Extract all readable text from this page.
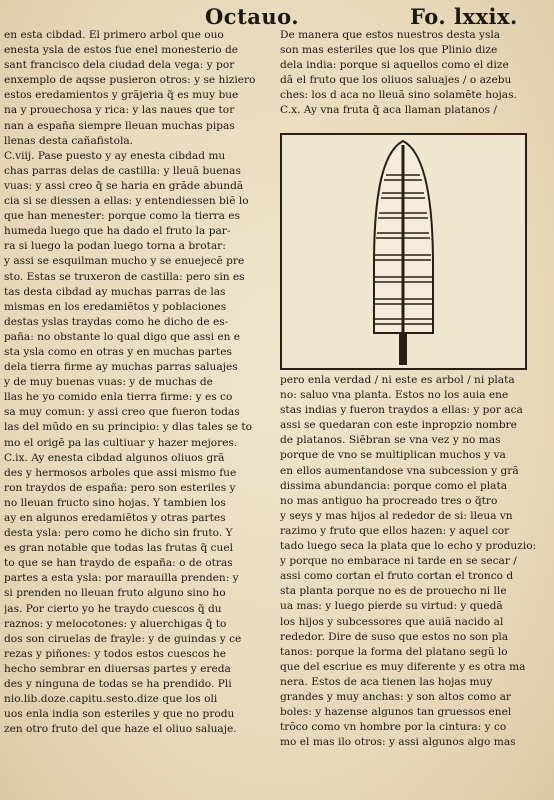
Octauo.	Fo. lxxix.
en esta cibdad. El primero arbol que ouo
enesta ysla de estos fue enel monesterio de
sant francisco dela ciudad dela vega: y por
enxemplo de aqsse pusieron otros: y se hiziero
estos eredamientos y grãjeria q̃ es muy bue
na y prouechosa y rica: y las naues que tor
nan a españa siempre lleuan muchas pipas
llenas desta cañafistola.
C.viij. Pase puesto y ay enesta cibdad mu
chas parras delas de castilla: y lleuã buenas
vuas: y assi creo q̃ se haria en grãde abundã
cia si se diessen a ellas: y entendiessen biẽ lo
que han menester: porque como la tierra es
humeda luego que ha dado el fruto la par-
ra si luego la podan luego torna a brotar:
y assi se esquilman mucho y se enuejecẽ pre
sto. Estas se truxeron de castilla: pero sin es
tas desta cibdad ay muchas parras de las
mismas en los eredamiẽtos y poblaciones
destas yslas traydas como he dicho de es-
paña: no obstante lo qual digo que assi en e
sta ysla como en otras y en muchas partes
dela tierra firme ay muchas parras saluajes
y de muy buenas vuas: y de muchas de
llas he yo comido enla tierra firme: y es co
sa muy comun: y assi creo que fueron todas
las del mũdo en su principio: y dlas tales se to
mo el origẽ pa las cultiuar y hazer mejores.
C.ix. Ay enesta cibdad algunos oliuos grã
des y hermosos arboles que assi mismo fue
ron traydos de españa: pero son esteriles y
no lleuan fructo sino hojas. Y tambien los
ay en algunos eredamiẽtos y otras partes
desta ysla: pero como he dicho sin fruto. Y
es gran notable que todas las frutas q̃ cuel
to que se han traydo de españa: o de otras
partes a esta ysla: por marauilla prenden: y
si prenden no lleuan fruto alguno sino ho
jas. Por cierto yo he traydo cuescos q̃ du
raznos: y melocotones: y aluerchigas q̃ to
dos son ciruelas de frayle: y de guindas y ce
rezas y piñones: y todos estos cuescos he
hecho sembrar en diuersas partes y ereda
des y ninguna de todas se ha prendido. Pli
nio.lib.doze.capitu.sesto.dize que los oli
uos enla india son esteriles y que no produ
zen otro fruto del que haze el oliuo saluaje.
De manera que estos nuestros desta ysla
son mas esteriles que los que Plinio dize
dela india: porque si aquellos como el dize
dã el fruto que los oliuos saluajes / o azebu
ches: los d aca no lleuã sino solamẽte hojas.
C.x. Ay vna fruta q̃ aca llaman platanos /
pero enla verdad / ni este es arbol / ni plata
no: saluo vna planta. Estos no los auia ene
stas indias y fueron traydos a ellas: y por aca
assi se quedaran con este inpropzio nombre
de platanos. Siẽbran se vna vez y no mas
porque de vno se multiplican muchos y va
en ellos aumentandose vna subcession y grã
dissima abundancia: porque como el plata
no mas antiguo ha procreado tres o q̃tro
y seys y mas hijos al rededor de si: lleua vn
razimo y fruto que ellos hazen: y aquel cor
tado luego seca la plata que lo echo y produzio:
y porque no embarace ni tarde en se secar /
assi como cortan el fruto cortan el tronco d
sta planta porque no es de prouecho ni lle
ua mas: y luego pierde su virtud: y quedã
los hijos y subcessores que auiã nacido al
rededor. Dire de suso que estos no son pla
tanos: porque la forma del platano segũ lo
que del escriue es muy diferente y es otra ma
nera. Estos de aca tienen las hojas muy
grandes y muy anchas: y son altos como ar
boles: y hazense algunos tan gruessos enel
trõco como vn hombre por la cintura: y co
mo el mas ilo otros: y assi algunos algo mas
